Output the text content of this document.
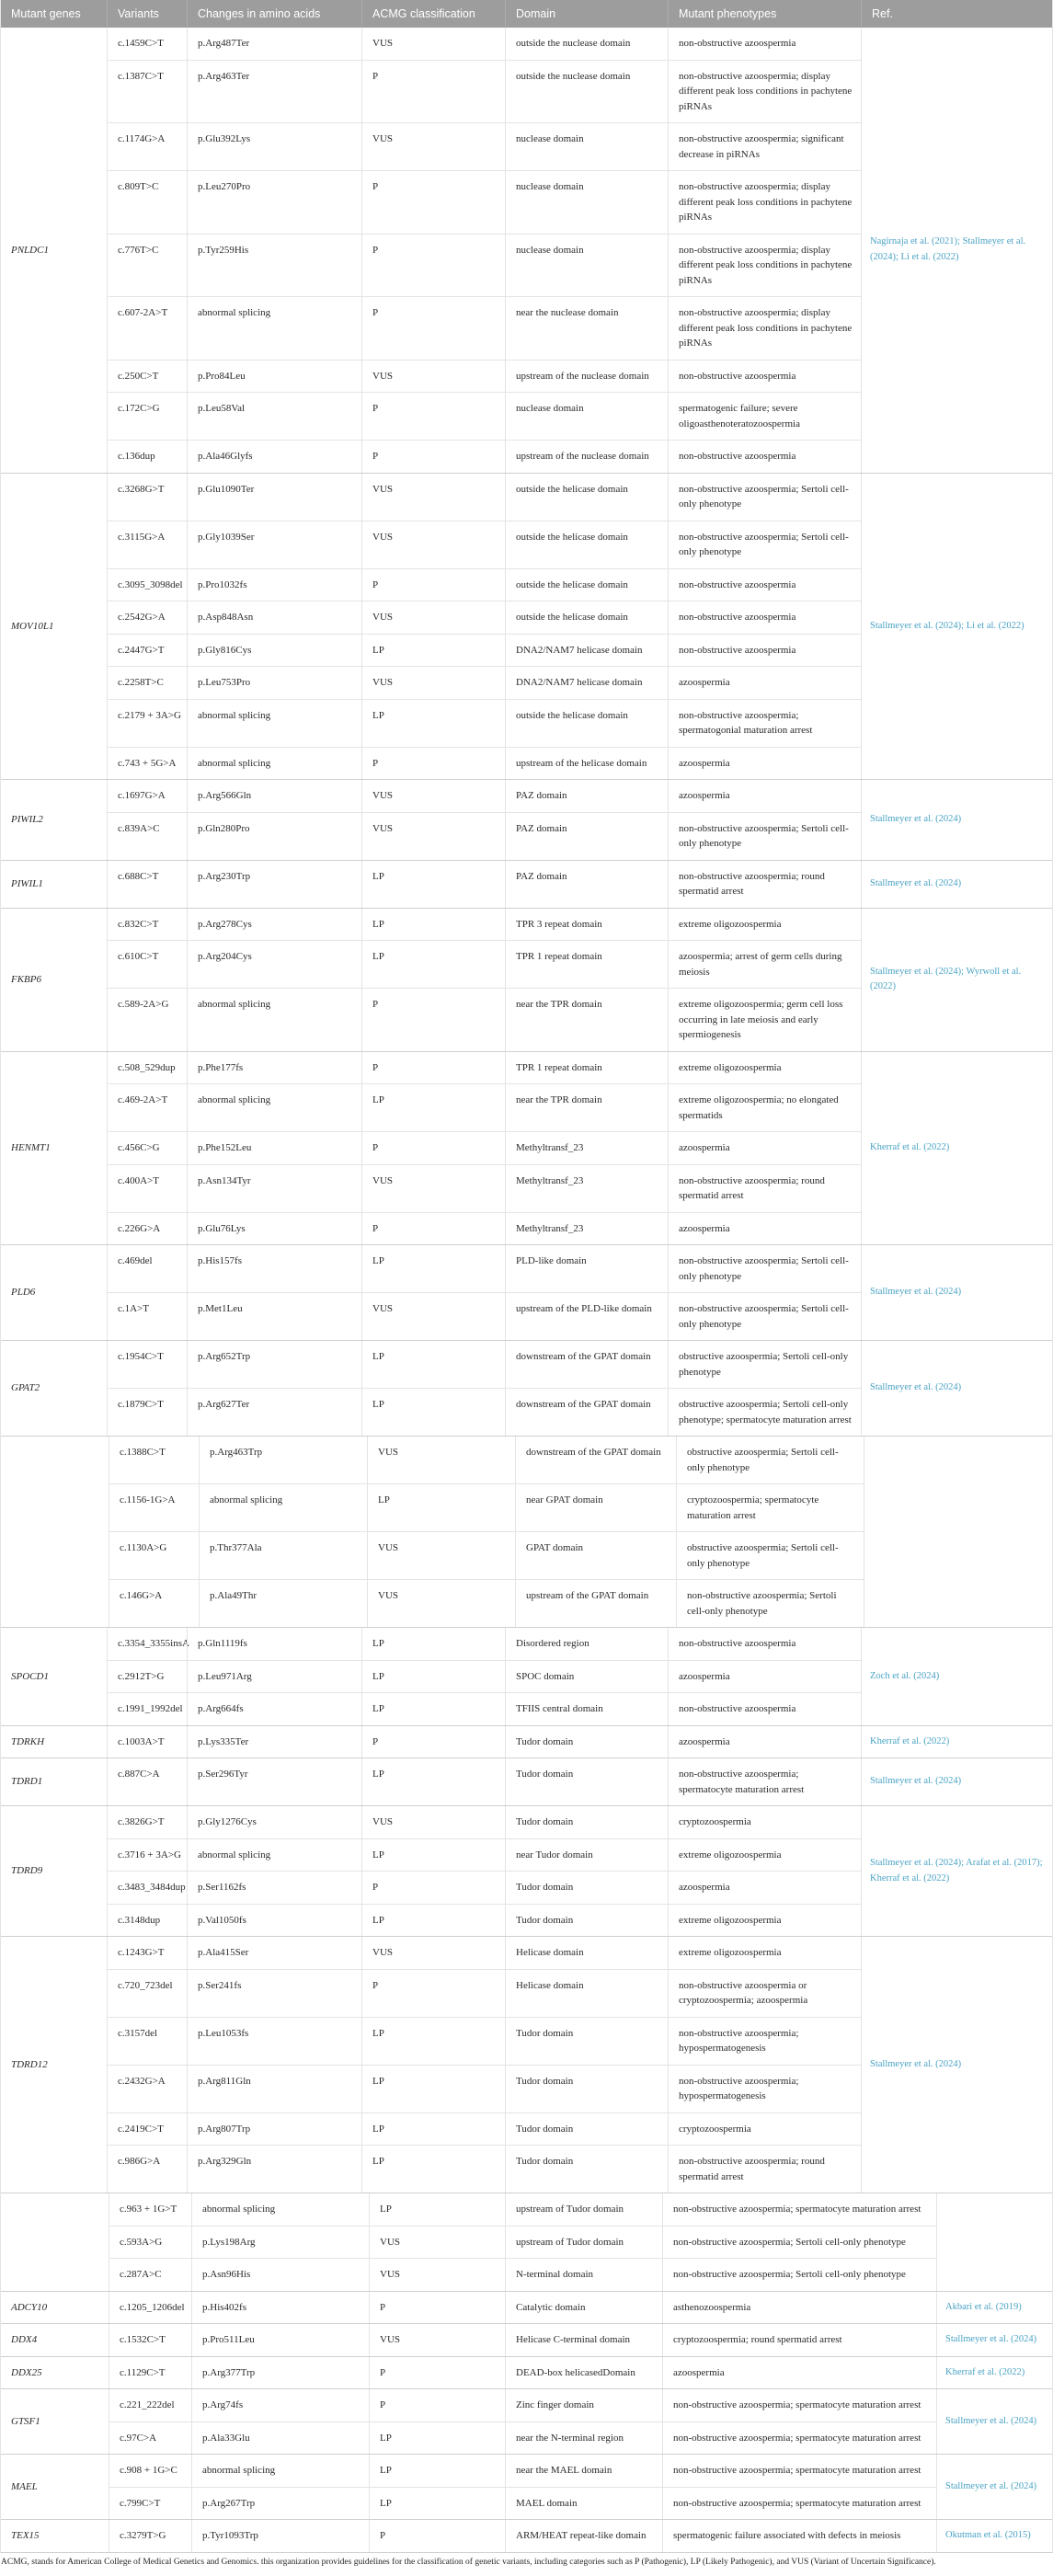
Mutant genes	Variants	Changes in amino acids	ACMG classification	Domain	Mutant phenotypes	Ref.
PNLDC1
c.1459C>T	p.Arg487Ter	VUS	outside the nuclease domain	non-obstructive azoospermia
c.1387C>T	p.Arg463Ter	P	outside the nuclease domain	non-obstructive azoospermia; display different peak loss conditions in pachytene piRNAs
c.1174G>A	p.Glu392Lys	VUS	nuclease domain	non-obstructive azoospermia; significant decrease in piRNAs
c.809T>C	p.Leu270Pro	P	nuclease domain	non-obstructive azoospermia; display different peak loss conditions in pachytene piRNAs
c.776T>C	p.Tyr259His	P	nuclease domain	non-obstructive azoospermia; display different peak loss conditions in pachytene piRNAs
c.607-2A>T	abnormal splicing	P	near the nuclease domain	non-obstructive azoospermia; display different peak loss conditions in pachytene piRNAs
c.250C>T	p.Pro84Leu	VUS	upstream of the nuclease domain	non-obstructive azoospermia
c.172C>G	p.Leu58Val	P	nuclease domain	spermatogenic failure; severe oligoasthenoteratozoospermia
c.136dup	p.Ala46Glyfs	P	upstream of the nuclease domain	non-obstructive azoospermia
Nagirnaja et al. (2021); Stallmeyer et al. (2024); Li et al. (2022)
MOV10L1
c.3268G>T	p.Glu1090Ter	VUS	outside the helicase domain	non-obstructive azoospermia; Sertoli cell-only phenotype
c.3115G>A	p.Gly1039Ser	VUS	outside the helicase domain	non-obstructive azoospermia; Sertoli cell-only phenotype
c.3095_3098del	p.Pro1032fs	P	outside the helicase domain	non-obstructive azoospermia
c.2542G>A	p.Asp848Asn	VUS	outside the helicase domain	non-obstructive azoospermia
c.2447G>T	p.Gly816Cys	LP	DNA2/NAM7 helicase domain	non-obstructive azoospermia
c.2258T>C	p.Leu753Pro	VUS	DNA2/NAM7 helicase domain	azoospermia
c.2179 + 3A>G	abnormal splicing	LP	outside the helicase domain	non-obstructive azoospermia; spermatogonial maturation arrest
c.743 + 5G>A	abnormal splicing	P	upstream of the helicase domain	azoospermia
Stallmeyer et al. (2024); Li et al. (2022)
PIWIL2
c.1697G>A	p.Arg566Gln	VUS	PAZ domain	azoospermia
c.839A>C	p.Gln280Pro	VUS	PAZ domain	non-obstructive azoospermia; Sertoli cell-only phenotype
Stallmeyer et al. (2024)
PIWIL1
c.688C>T	p.Arg230Trp	LP	PAZ domain	non-obstructive azoospermia; round spermatid arrest
Stallmeyer et al. (2024)
FKBP6
c.832C>T	p.Arg278Cys	LP	TPR 3 repeat domain	extreme oligozoospermia
c.610C>T	p.Arg204Cys	LP	TPR 1 repeat domain	azoospermia; arrest of germ cells during meiosis
c.589-2A>G	abnormal splicing	P	near the TPR domain	extreme oligozoospermia; germ cell loss occurring in late meiosis and early spermiogenesis
Stallmeyer et al. (2024); Wyrwoll et al. (2022)
HENMT1
c.508_529dup	p.Phe177fs	P	TPR 1 repeat domain	extreme oligozoospermia
c.469-2A>T	abnormal splicing	LP	near the TPR domain	extreme oligozoospermia; no elongated spermatids
c.456C>G	p.Phe152Leu	P	Methyltransf_23	azoospermia
c.400A>T	p.Asn134Tyr	VUS	Methyltransf_23	non-obstructive azoospermia; round spermatid arrest
c.226G>A	p.Glu76Lys	P	Methyltransf_23	azoospermia
Kherraf et al. (2022)
PLD6
c.469del	p.His157fs	LP	PLD-like domain	non-obstructive azoospermia; Sertoli cell-only phenotype
c.1A>T	p.Met1Leu	VUS	upstream of the PLD-like domain	non-obstructive azoospermia; Sertoli cell-only phenotype
Stallmeyer et al. (2024)
GPAT2
c.1954C>T	p.Arg652Trp	LP	downstream of the GPAT domain	obstructive azoospermia; Sertoli cell-only phenotype
c.1879C>T	p.Arg627Ter	LP	downstream of the GPAT domain	obstructive azoospermia; Sertoli cell-only phenotype; spermatocyte maturation arrest
Stallmeyer et al. (2024)
c.1388C>T	p.Arg463Trp	VUS	downstream of the GPAT domain	obstructive azoospermia; Sertoli cell-only phenotype
c.1156-1G>A	abnormal splicing	LP	near GPAT domain	cryptozoospermia; spermatocyte maturation arrest
c.1130A>G	p.Thr377Ala	VUS	GPAT domain	obstructive azoospermia; Sertoli cell-only phenotype
c.146G>A	p.Ala49Thr	VUS	upstream of the GPAT domain	non-obstructive azoospermia; Sertoli cell-only phenotype
SPOCD1
c.3354_3355insA p.Gln1119fs	LP	Disordered region	non-obstructive azoospermia
c.2912T>G	p.Leu971Arg	LP	SPOC domain	azoospermia
c.1991_1992del	p.Arg664fs	LP	TFIIS central domain	non-obstructive azoospermia
Zoch et al. (2024)
TDRKH	c.1003A>T	p.Lys335Ter	P	Tudor domain	azoospermia	Kherraf et al. (2022)
TDRD1
c.887C>A	p.Ser296Tyr	LP	Tudor domain	non-obstructive azoospermia; spermatocyte maturation arrest
Stallmeyer et al. (2024)
TDRD9
c.3826G>T	p.Gly1276Cys	VUS	Tudor domain	cryptozoospermia
c.3716 + 3A>G	abnormal splicing	LP	near Tudor domain	extreme oligozoospermia
c.3483_3484dup	p.Ser1162fs	P	Tudor domain	azoospermia
c.3148dup	p.Val1050fs	LP	Tudor domain	extreme oligozoospermia
Stallmeyer et al. (2024); Arafat et al. (2017); Kherraf et al. (2022)
TDRD12
c.1243G>T	p.Ala415Ser	VUS	Helicase domain	extreme oligozoospermia
c.720_723del	p.Ser241fs	P	Helicase domain	non-obstructive azoospermia or cryptozoospermia; azoospermia
c.3157del	p.Leu1053fs	LP	Tudor domain	non-obstructive azoospermia; hypospermatogenesis
c.2432G>A	p.Arg811Gln	LP	Tudor domain	non-obstructive azoospermia; hypospermatogenesis
c.2419C>T	p.Arg807Trp	LP	Tudor domain	cryptozoospermia
c.986G>A	p.Arg329Gln	LP	Tudor domain	non-obstructive azoospermia; round spermatid arrest
Stallmeyer et al. (2024)
c.963 + 1G>T	abnormal splicing	LP	upstream of Tudor domain	non-obstructive azoospermia; spermatocyte maturation arrest
c.593A>G	p.Lys198Arg	VUS	upstream of Tudor domain	non-obstructive azoospermia; Sertoli cell-only phenotype
c.287A>C	p.Asn96His	VUS	N-terminal domain	non-obstructive azoospermia; Sertoli cell-only phenotype
ADCY10	c.1205_1206del	p.His402fs	P	Catalytic domain	asthenozoospermia	Akbari et al. (2019)
DDX4	c.1532C>T	p.Pro511Leu	VUS	Helicase C-terminal domain	cryptozoospermia; round spermatid arrest	Stallmeyer et al. (2024)
DDX25	c.1129C>T	p.Arg377Trp	P	DEAD-box helicasedDomain	azoospermia	Kherraf et al. (2022)
GTSF1
c.221_222del	p.Arg74fs	P	Zinc finger domain	non-obstructive azoospermia; spermatocyte maturation arrest
c.97C>A	p.Ala33Glu	LP	near the N-terminal region	non-obstructive azoospermia; spermatocyte maturation arrest
Stallmeyer et al. (2024)
MAEL
c.908 + 1G>C	abnormal splicing	LP	near the MAEL domain	non-obstructive azoospermia; spermatocyte maturation arrest
c.799C>T	p.Arg267Trp	LP	MAEL domain	non-obstructive azoospermia; spermatocyte maturation arrest
Stallmeyer et al. (2024)
TEX15	c.3279T>G	p.Tyr1093Trp	P	ARM/HEAT repeat-like domain	spermatogenic failure associated with defects in meiosis	Okutman et al. (2015)
ACMG, stands for American College of Medical Genetics and Genomics. this organization provides guidelines for the classification of genetic variants, including categories such as P (Pathogenic), LP (Likely Pathogenic), and VUS (Variant of Uncertain Significance).
